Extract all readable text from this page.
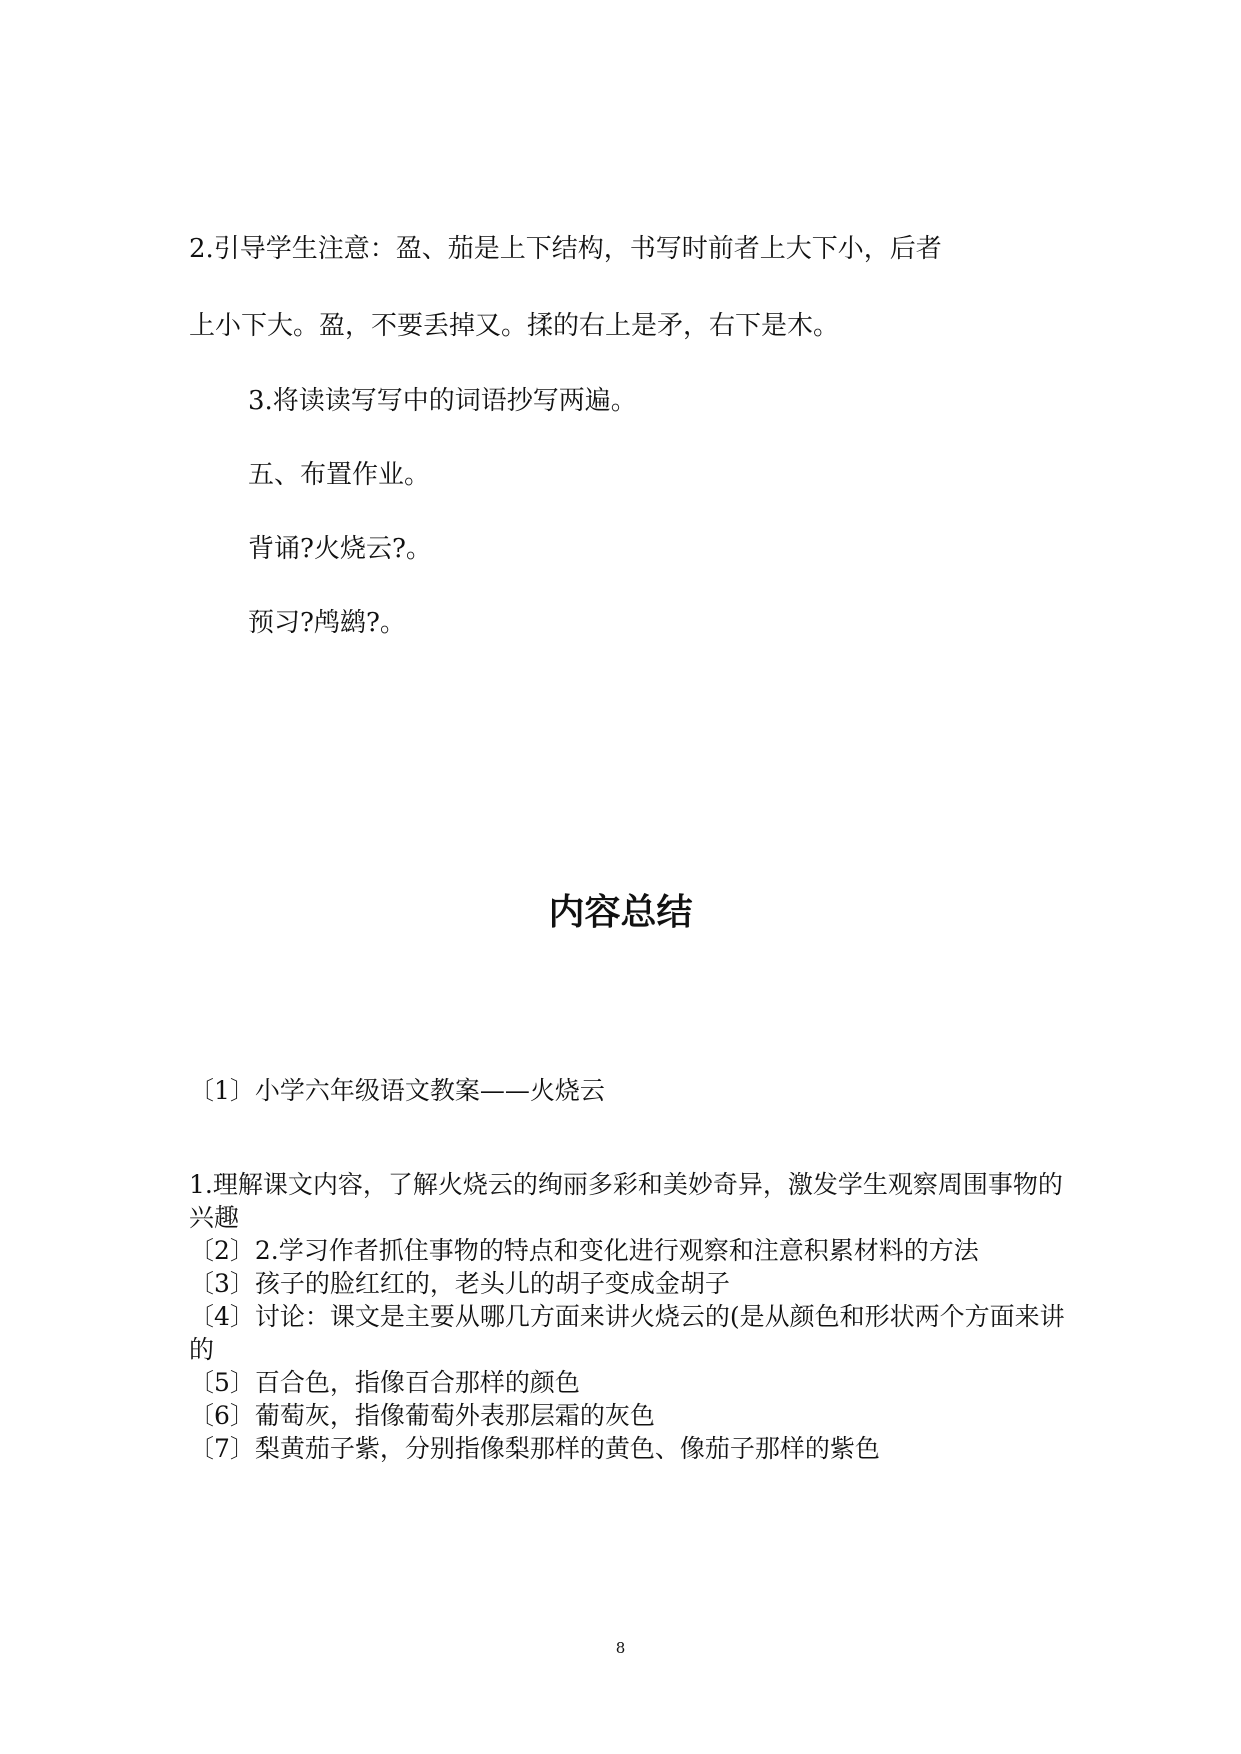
2.引导学生注意：盈、茄是上下结构，书写时前者上大下小，后者
上小下大。盈，不要丢掉又。揉的右上是矛，右下是木。
3.将读读写写中的词语抄写两遍。
五、布置作业。
背诵?火烧云?。
预习?鸬鹚?。
内容总结
〔1〕小学六年级语文教案——火烧云
1.理解课文内容，了解火烧云的绚丽多彩和美妙奇异，激发学生观察周围事物的兴趣
〔2〕2.学习作者抓住事物的特点和变化进行观察和注意积累材料的方法
〔3〕孩子的脸红红的，老头儿的胡子变成金胡子
〔4〕讨论：课文是主要从哪几方面来讲火烧云的(是从颜色和形状两个方面来讲的
〔5〕百合色，指像百合那样的颜色
〔6〕葡萄灰，指像葡萄外表那层霜的灰色
〔7〕梨黄茄子紫，分别指像梨那样的黄色、像茄子那样的紫色
8
